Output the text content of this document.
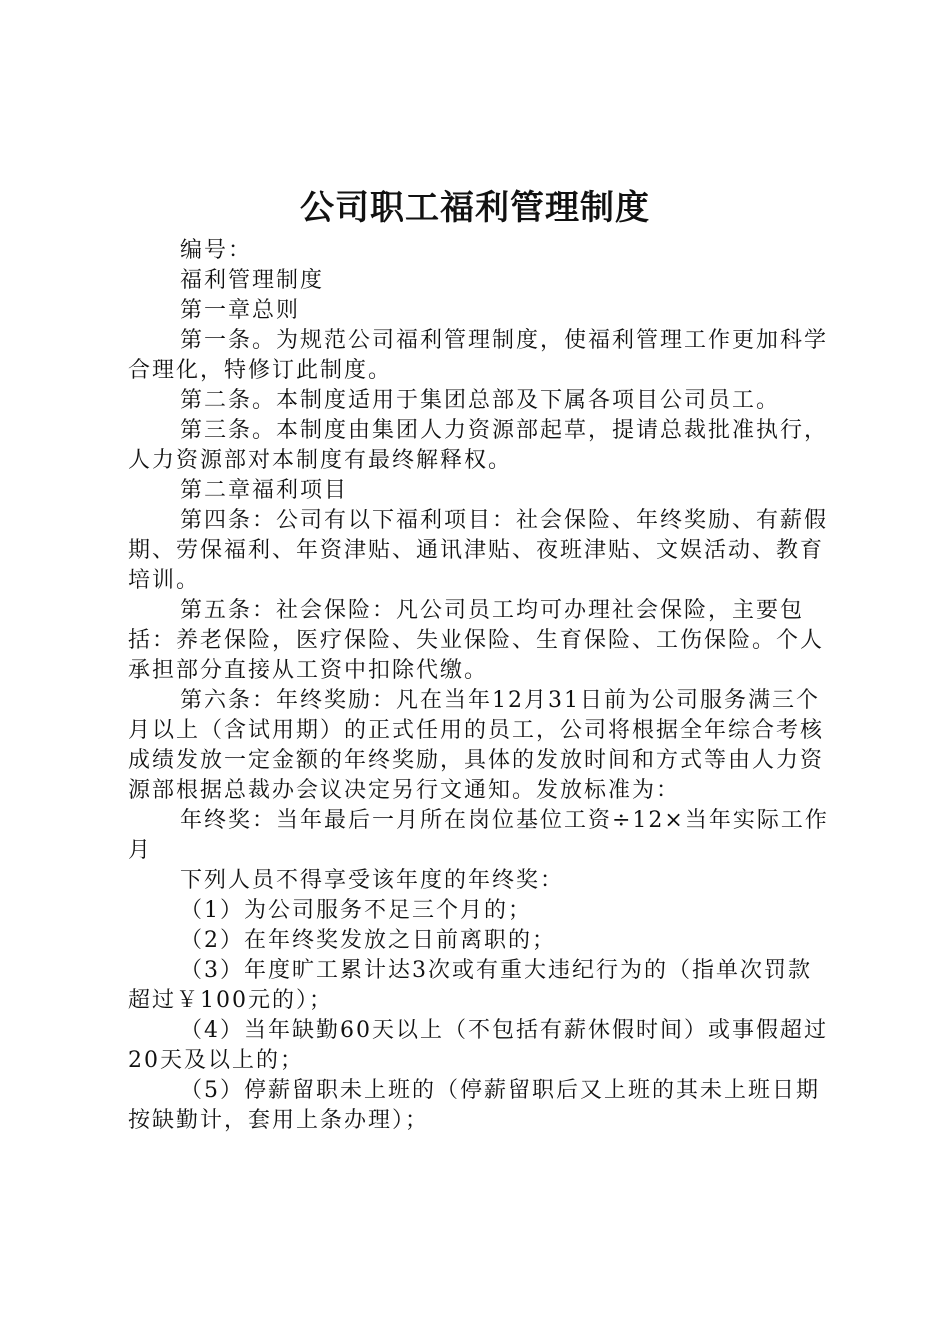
公司职工福利管理制度

编号：

福利管理制度

第一章总则

第一条。为规范公司福利管理制度，使福利管理工作更加科学合理化，特修订此制度。

第二条。本制度适用于集团总部及下属各项目公司员工。

第三条。本制度由集团人力资源部起草，提请总裁批准执行，人力资源部对本制度有最终解释权。

第二章福利项目

第四条：公司有以下福利项目：社会保险、年终奖励、有薪假期、劳保福利、年资津贴、通讯津贴、夜班津贴、文娱活动、教育培训。

第五条：社会保险：凡公司员工均可办理社会保险，主要包括：养老保险，医疗保险、失业保险、生育保险、工伤保险。个人承担部分直接从工资中扣除代缴。

第六条：年终奖励：凡在当年12月31日前为公司服务满三个月以上（含试用期）的正式任用的员工，公司将根据全年综合考核成绩发放一定金额的年终奖励，具体的发放时间和方式等由人力资源部根据总裁办会议决定另行文通知。发放标准为：

年终奖：当年最后一月所在岗位基位工资÷12×当年实际工作月

下列人员不得享受该年度的年终奖：

（1）为公司服务不足三个月的；

（2）在年终奖发放之日前离职的；

（3）年度旷工累计达3次或有重大违纪行为的（指单次罚款超过￥100元的）；

（4）当年缺勤60天以上（不包括有薪休假时间）或事假超过20天及以上的；

（5）停薪留职未上班的（停薪留职后又上班的其未上班日期按缺勤计，套用上条办理）；
